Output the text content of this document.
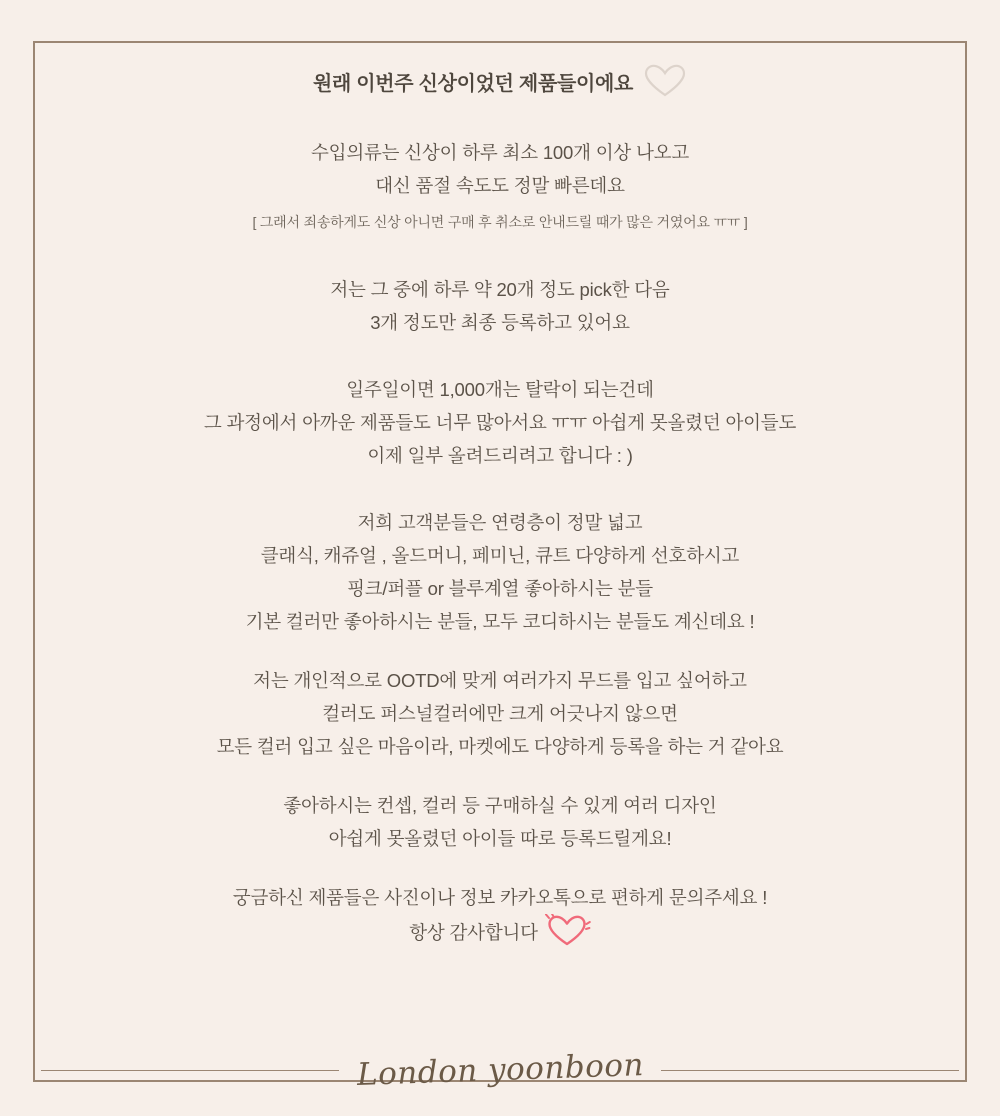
원래 이번주 신상이었던 제품들이에요
수입의류는 신상이 하루 최소 100개 이상 나오고
대신 품절 속도도 정말 빠른데요
[ 그래서 죄송하게도 신상 아니면 구매 후 취소로 안내드릴 때가 많은 거였어요 ㅠㅠ ]
저는 그 중에 하루 약 20개 정도 pick한 다음
3개 정도만 최종 등록하고 있어요
일주일이면 1,000개는 탈락이 되는건데
그 과정에서 아까운 제품들도 너무 많아서요 ㅠㅠ 아쉽게 못올렸던 아이들도
이제 일부 올려드리려고 합니다 : )
저희 고객분들은 연령층이 정말 넓고
클래식, 캐쥬얼 , 올드머니, 페미닌, 큐트 다양하게 선호하시고
핑크/퍼플 or 블루계열 좋아하시는 분들
기본 컬러만 좋아하시는 분들, 모두 코디하시는 분들도 계신데요 !
저는 개인적으로 OOTD에 맞게 여러가지 무드를 입고 싶어하고
컬러도 퍼스널컬러에만 크게 어긋나지 않으면
모든 컬러 입고 싶은 마음이라, 마켓에도 다양하게 등록을 하는 거 같아요
좋아하시는 컨셉, 컬러 등 구매하실 수 있게 여러 디자인
아쉽게 못올렸던 아이들 따로 등록드릴게요!
궁금하신 제품들은 사진이나 정보 카카오톡으로 편하게 문의주세요 !
항상 감사합니다
London yoonboon
